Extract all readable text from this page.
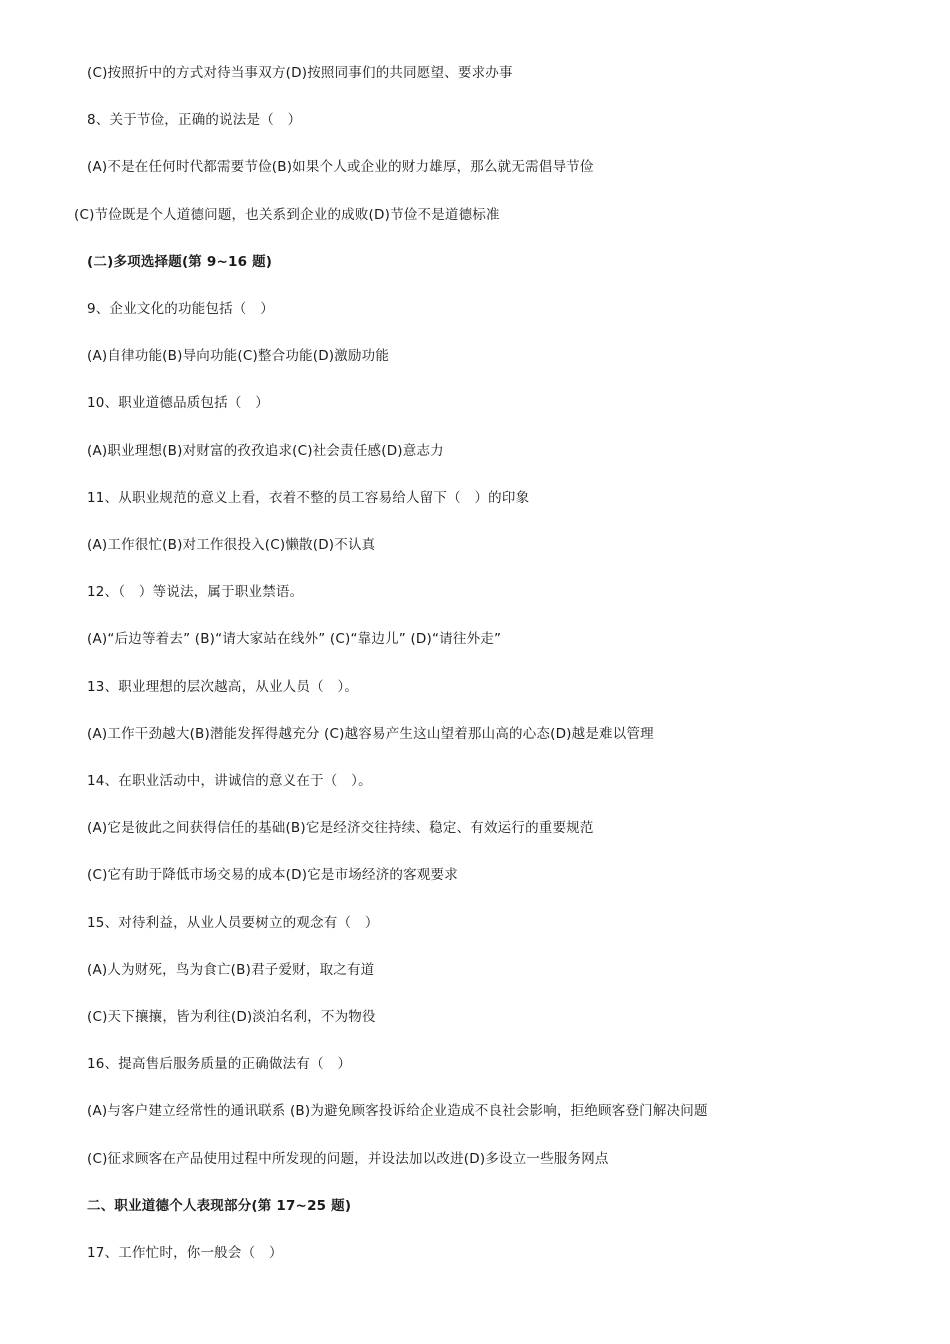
(C)按照折中的方式对待当事双方(D)按照同事们的共同愿望、要求办事
8、关于节俭，正确的说法是（　）
(A)不是在任何时代都需要节俭(B)如果个人或企业的财力雄厚，那么就无需倡导节俭
(C)节俭既是个人道德问题，也关系到企业的成败(D)节俭不是道德标准
(二)多项选择题(第 9~16 题)
9、企业文化的功能包括（　）
(A)自律功能(B)导向功能(C)整合功能(D)激励功能
10、职业道德品质包括（　）
(A)职业理想(B)对财富的孜孜追求(C)社会责任感(D)意志力
11、从职业规范的意义上看，衣着不整的员工容易给人留下（　）的印象
(A)工作很忙(B)对工作很投入(C)懒散(D)不认真
12、（　）等说法，属于职业禁语。
(A)“后边等着去” (B)“请大家站在线外” (C)“靠边儿” (D)“请往外走”
13、职业理想的层次越高，从业人员（　）。
(A)工作干劲越大(B)潜能发挥得越充分 (C)越容易产生这山望着那山高的心态(D)越是难以管理
14、在职业活动中，讲诚信的意义在于（　）。
(A)它是彼此之间获得信任的基础(B)它是经济交往持续、稳定、有效运行的重要规范
(C)它有助于降低市场交易的成本(D)它是市场经济的客观要求
15、对待利益，从业人员要树立的观念有（　）
(A)人为财死，鸟为食亡(B)君子爱财，取之有道
(C)天下攘攘，皆为利往(D)淡泊名利，不为物役
16、提高售后服务质量的正确做法有（　）
(A)与客户建立经常性的通讯联系 (B)为避免顾客投诉给企业造成不良社会影响，拒绝顾客登门解决问题
(C)征求顾客在产品使用过程中所发现的问题，并设法加以改进(D)多设立一些服务网点
二、职业道德个人表现部分(第 17~25 题)
17、工作忙时，你一般会（　）
